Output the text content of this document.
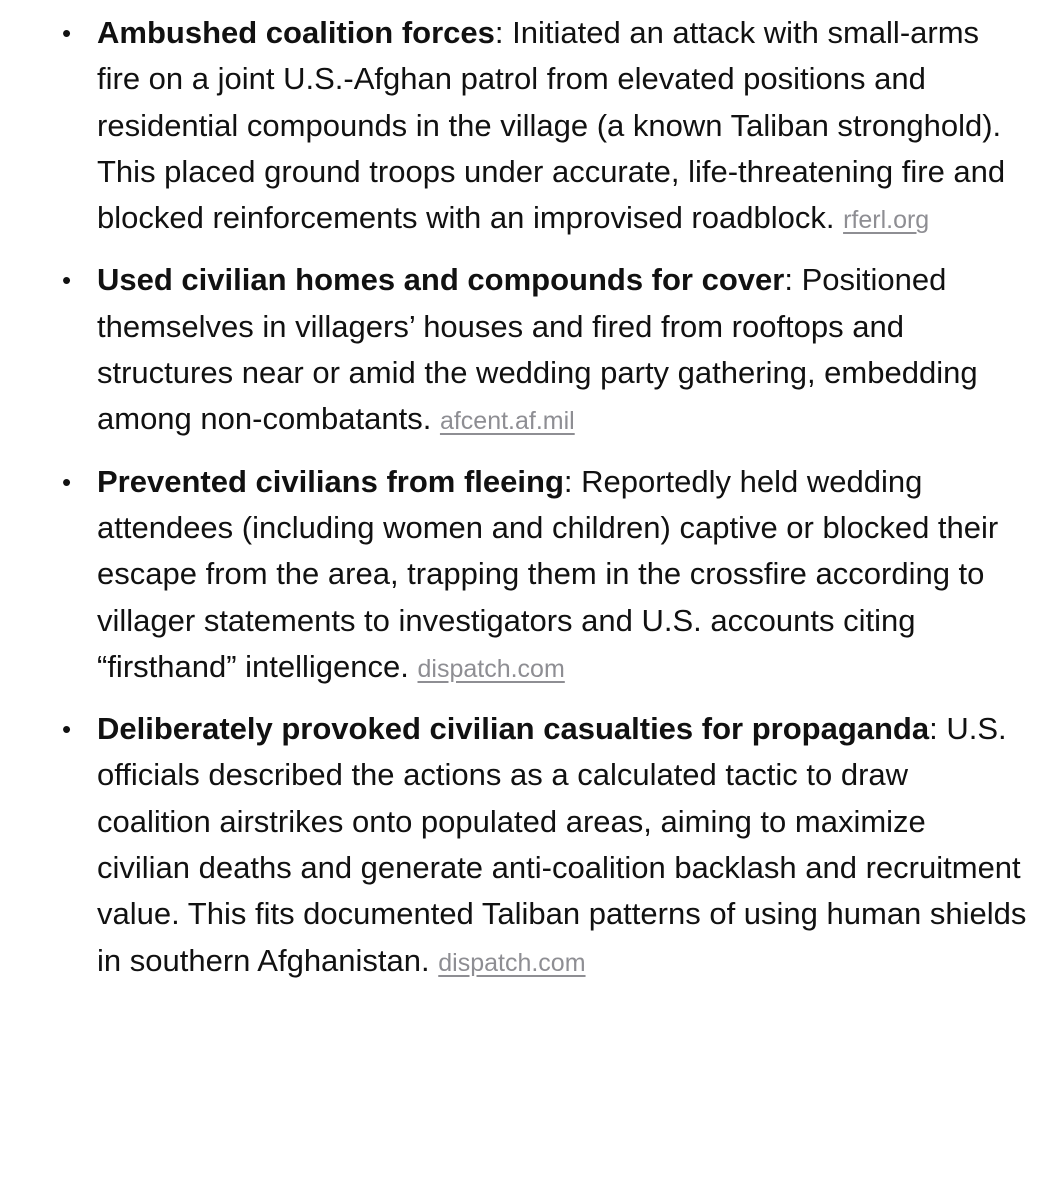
• Ambushed coalition forces: Initiated an attack with small-arms fire on a joint U.S.-Afghan patrol from elevated positions and residential compounds in the village (a known Taliban stronghold). This placed ground troops under accurate, life-threatening fire and blocked reinforcements with an improvised roadblock. rferl.org
• Used civilian homes and compounds for cover: Positioned themselves in villagers’ houses and fired from rooftops and structures near or amid the wedding party gathering, embedding among non-combatants. afcent.af.mil
• Prevented civilians from fleeing: Reportedly held wedding attendees (including women and children) captive or blocked their escape from the area, trapping them in the crossfire according to villager statements to investigators and U.S. accounts citing “firsthand” intelligence. dispatch.com
• Deliberately provoked civilian casualties for propaganda: U.S. officials described the actions as a calculated tactic to draw coalition airstrikes onto populated areas, aiming to maximize civilian deaths and generate anti-coalition backlash and recruitment value. This fits documented Taliban patterns of using human shields in southern Afghanistan. dispatch.com
